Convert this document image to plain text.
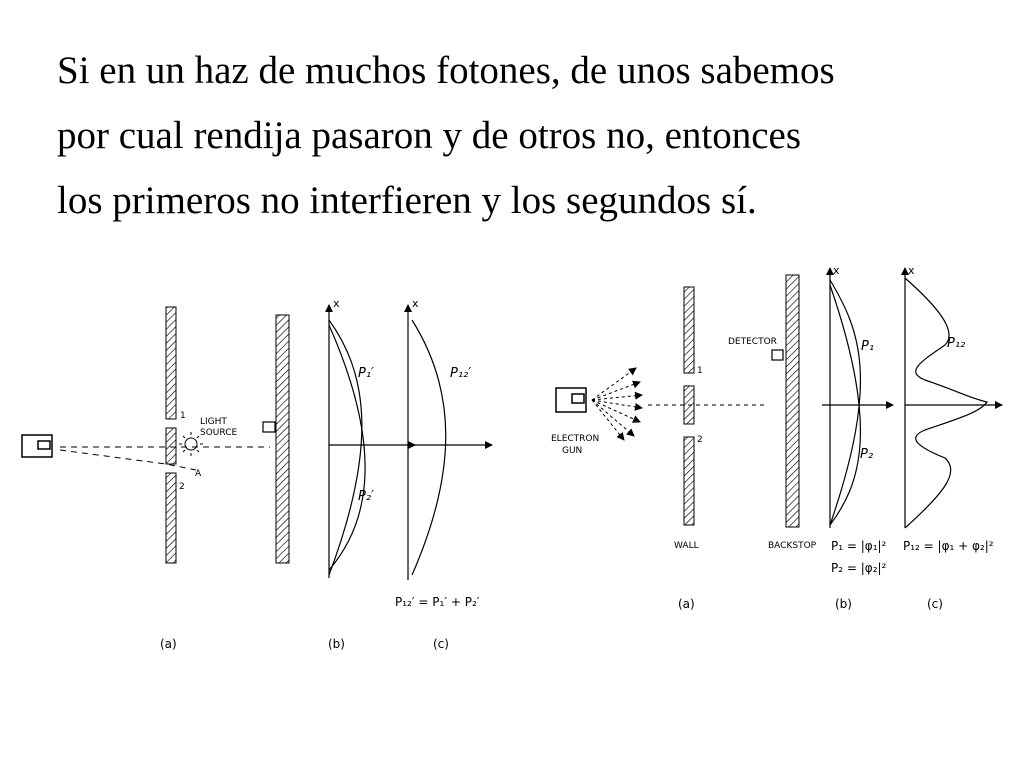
Si en un haz de muchos fotones, de unos sabemos
por cual rendija pasaron y de otros no, entonces
los primeros no interfieren y los segundos sí.

1
2
LIGHT
SOURCE
A
x
P₁′
P₂′
x
P₁₂′
P₁₂′ = P₁′ + P₂′
(a)	(b)	(c)
ELECTRON
GUN
1
2
DETECTOR
x
P₁
P₂
x
P₁₂
WALL	BACKSTOP P₁ = |φ₁|²
P₂ = |φ₂|²
P₁₂ = |φ₁ + φ₂|²
(a)	(b)	(c)
